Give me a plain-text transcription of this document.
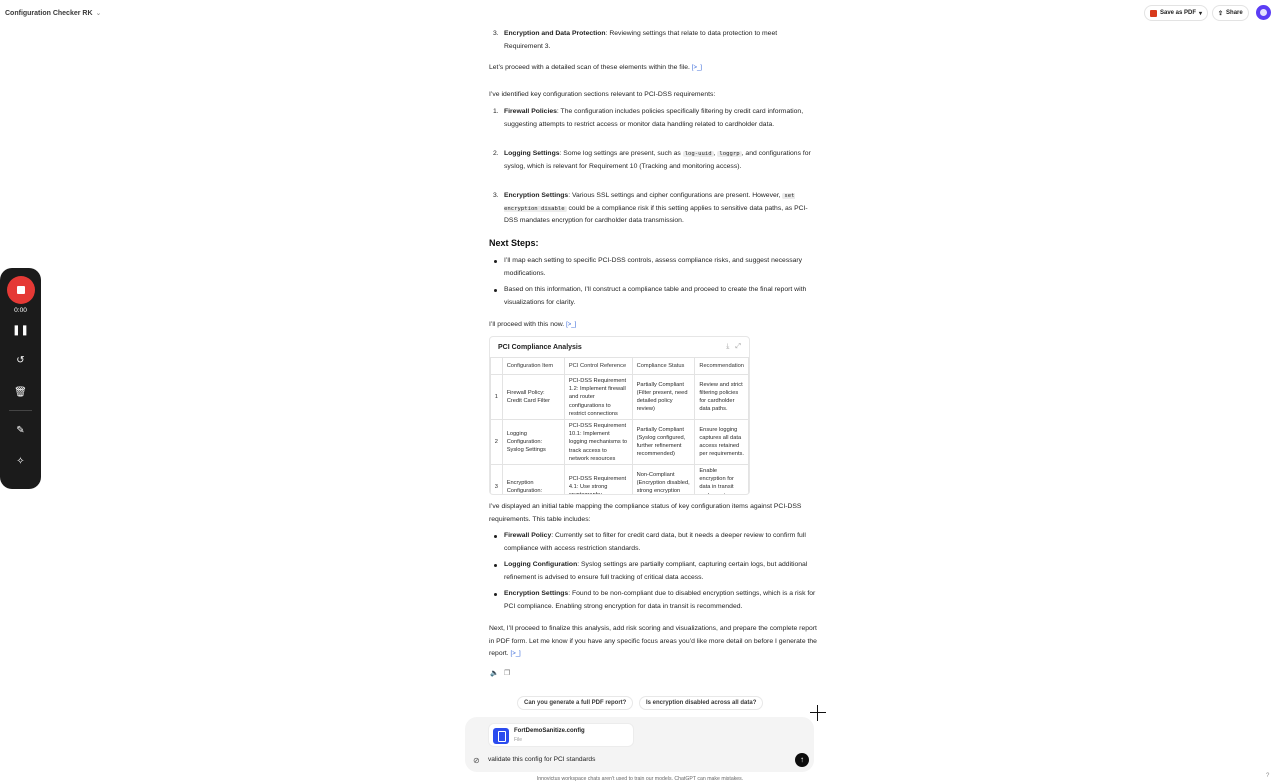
Configuration Checker RK ⌄	Save as PDF ▾	⇪ Share
3. Encryption and Data Protection: Reviewing settings that relate to data protection to meet Requirement 3.
Let’s proceed with a detailed scan of these elements within the file. [>_]
I’ve identified key configuration sections relevant to PCI-DSS requirements:
1. Firewall Policies: The configuration includes policies specifically filtering by credit card information, suggesting attempts to restrict access or monitor data handling related to cardholder data.
2. Logging Settings: Some log settings are present, such as log-uuid , loggrp , and configurations for syslog, which is relevant for Requirement 10 (Tracking and monitoring access).
3. Encryption Settings: Various SSL settings and cipher configurations are present. However, set encryption disable could be a compliance risk if this setting applies to sensitive data paths, as PCI-DSS mandates encryption for cardholder data transmission.
Next Steps:
I’ll map each setting to specific PCI-DSS controls, assess compliance risks, and suggest necessary modifications.
Based on this information, I’ll construct a compliance table and proceed to create the final report with visualizations for clarity.
I’ll proceed with this now. [>_]
PCI Compliance Analysis	⤓ ⤢
	Configuration Item	PCI Control Reference	Compliance Status	Recommendation
1	Firewall Policy: Credit Card Filter	PCI-DSS Requirement 1.2: Implement firewall and router configurations to restrict connections	Partially Compliant (Filter present, need detailed policy review)	Review and strict filtering policies for cardholder data paths.

2	Logging Configuration: Syslog Settings	PCI-DSS Requirement 10.1: Implement logging mechanisms to track access to network resources	Partially Compliant (Syslog configured, further refinement recommended)	Ensure logging captures all data access retained per requirements.

3	Encryption Configuration:	PCI-DSS Requirement 4.1: Use strong	Non-Compliant (Encryption disabled, strong encryption	Enable encryption for data in transit
I’ve displayed an initial table mapping the compliance status of key configuration items against PCI-DSS requirements. This table includes:
Firewall Policy: Currently set to filter for credit card data, but it needs a deeper review to confirm full compliance with access restriction standards.
Logging Configuration: Syslog settings are partially compliant, capturing certain logs, but additional refinement is advised to ensure full tracking of critical data access.
Encryption Settings: Found to be non-compliant due to disabled encryption settings, which is a risk for PCI compliance. Enabling strong encryption for data in transit is recommended.
Next, I’ll proceed to finalize this analysis, add risk scoring and visualizations, and prepare the complete report in PDF form. Let me know if you have any specific focus areas you’d like more detail on before I generate the report. [>_]
🔈 ❐
Can you generate a full PDF report?	Is encryption disabled across all data?
FortDemoSanitize.config
File
⊘ validate this config for PCI standards	↑
Innovictus workspace chats aren't used to train our models. ChatGPT can make mistakes.	?
0:00
❚❚
↺
🗑
✎
✧
